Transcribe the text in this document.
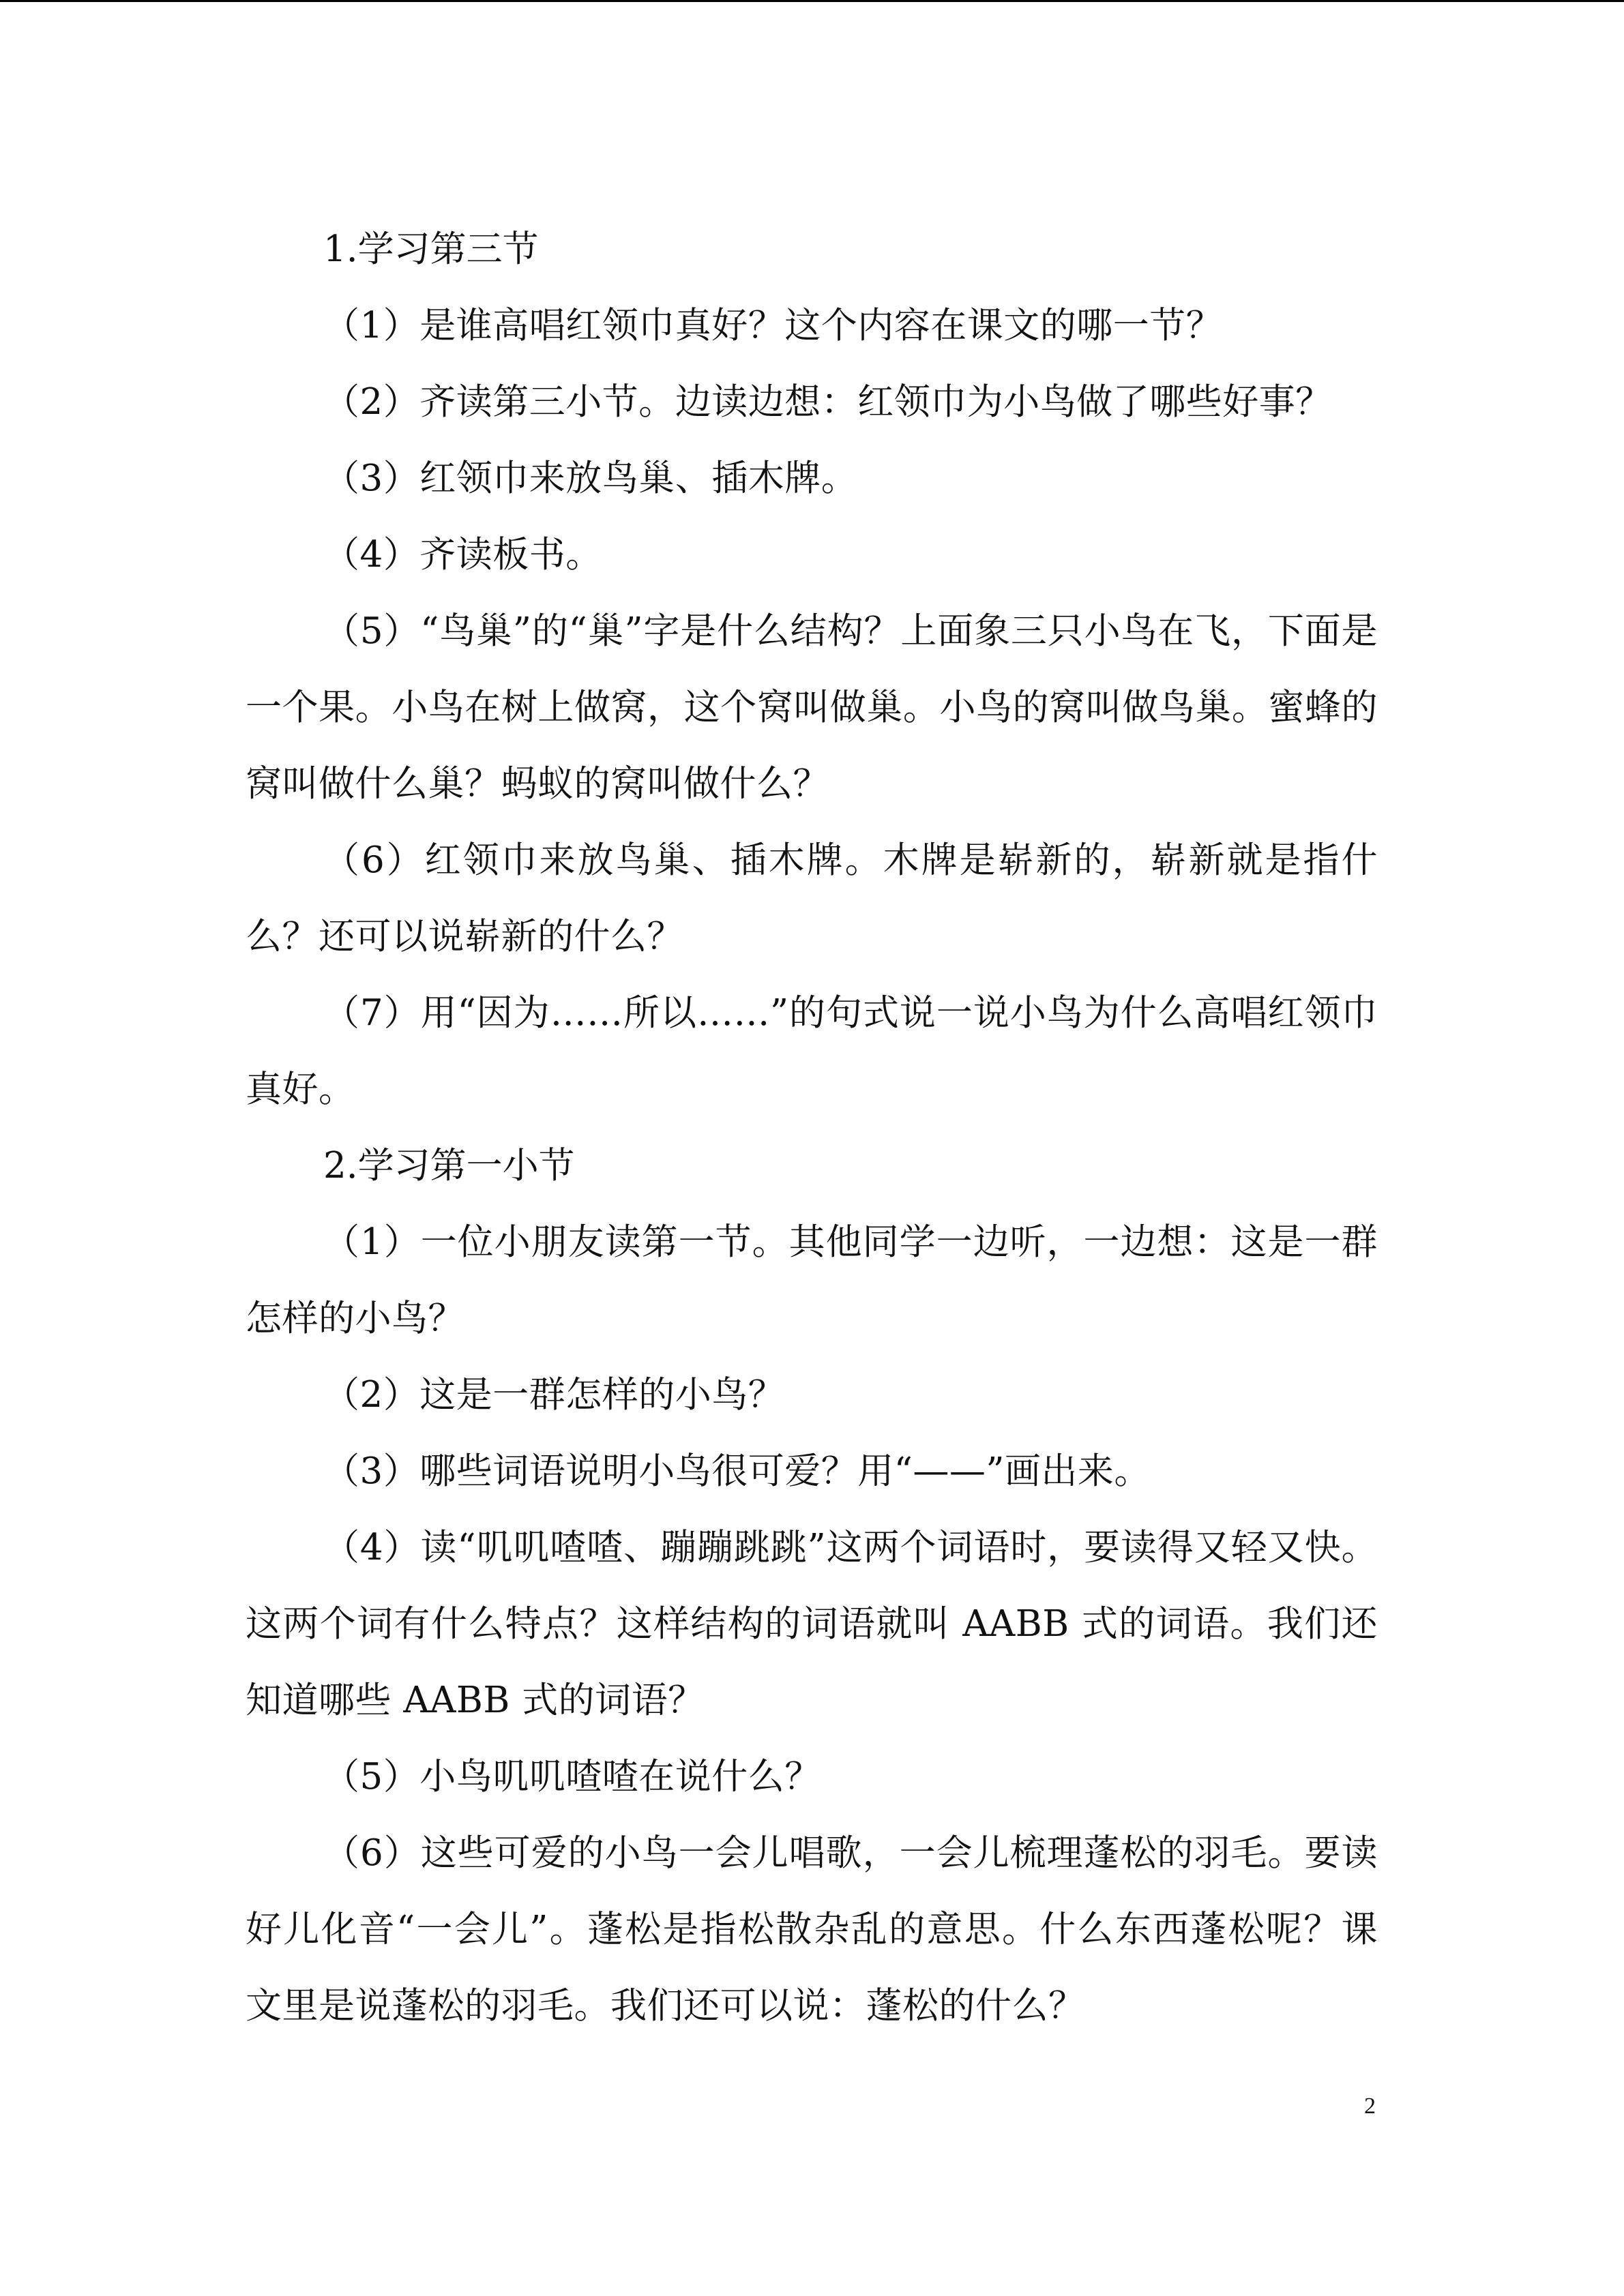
1.学习第三节

（1）是谁高唱红领巾真好？这个内容在课文的哪一节？

（2）齐读第三小节。边读边想：红领巾为小鸟做了哪些好事？

（3）红领巾来放鸟巢、插木牌。

（4）齐读板书。

（5）“鸟巢”的“巢”字是什么结构？上面象三只小鸟在飞，下面是一个果。小鸟在树上做窝，这个窝叫做巢。小鸟的窝叫做鸟巢。蜜蜂的窝叫做什么巢？蚂蚁的窝叫做什么？

（6）红领巾来放鸟巢、插木牌。木牌是崭新的，崭新就是指什么？还可以说崭新的什么？

（7）用“因为……所以……”的句式说一说小鸟为什么高唱红领巾真好。

2.学习第一小节

（1）一位小朋友读第一节。其他同学一边听，一边想：这是一群怎样的小鸟？

（2）这是一群怎样的小鸟？

（3）哪些词语说明小鸟很可爱？用“——”画出来。

（4）读“叽叽喳喳、蹦蹦跳跳”这两个词语时，要读得又轻又快。这两个词有什么特点？这样结构的词语就叫 AABB 式的词语。我们还知道哪些 AABB 式的词语？

（5）小鸟叽叽喳喳在说什么？

（6）这些可爱的小鸟一会儿唱歌，一会儿梳理蓬松的羽毛。要读好儿化音“一会儿”。蓬松是指松散杂乱的意思。什么东西蓬松呢？课文里是说蓬松的羽毛。我们还可以说：蓬松的什么？

2
